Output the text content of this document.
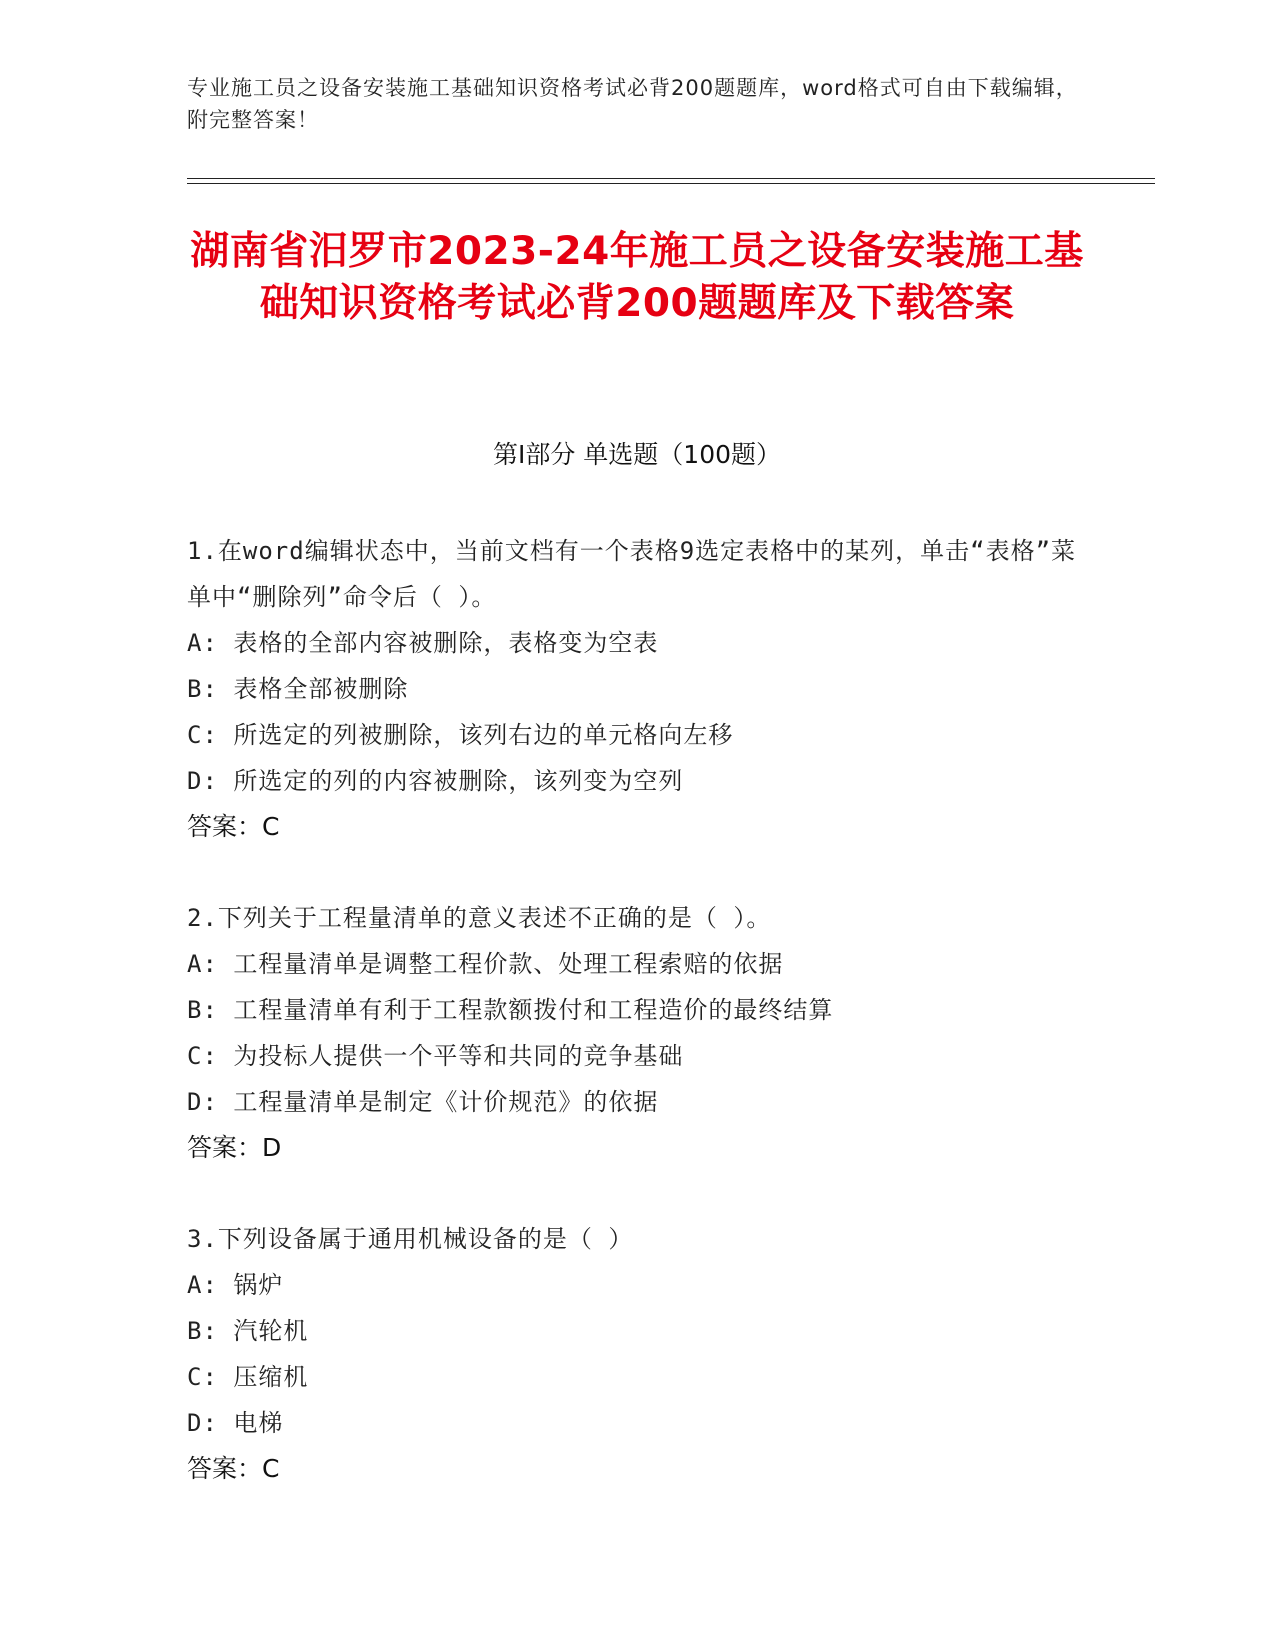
专业施工员之设备安装施工基础知识资格考试必背200题题库，word格式可自由下载编辑，附完整答案！
湖南省汨罗市2023-24年施工员之设备安装施工基础知识资格考试必背200题题库及下载答案
第I部分 单选题（100题）
1.在word编辑状态中，当前文档有一个表格9选定表格中的某列，单击“表格”菜单中“删除列”命令后（ ）。
A: 表格的全部内容被删除，表格变为空表
B: 表格全部被删除
C: 所选定的列被删除，该列右边的单元格向左移
D: 所选定的列的内容被删除，该列变为空列
答案：C
2.下列关于工程量清单的意义表述不正确的是（ ）。
A: 工程量清单是调整工程价款、处理工程索赔的依据
B: 工程量清单有利于工程款额拨付和工程造价的最终结算
C: 为投标人提供一个平等和共同的竞争基础
D: 工程量清单是制定《计价规范》的依据
答案：D
3.下列设备属于通用机械设备的是（ ）
A: 锅炉
B: 汽轮机
C: 压缩机
D: 电梯
答案：C
